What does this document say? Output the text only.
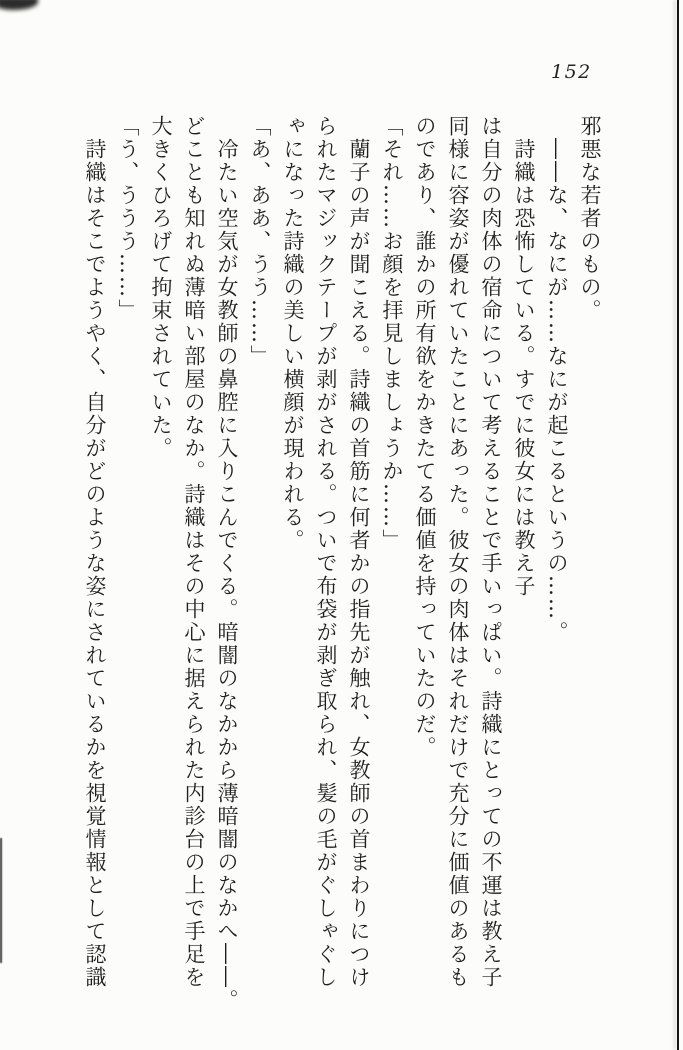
152
邪悪な若者のもの。
――な、なにが……なにが起こるというの……。
詩織は恐怖している。すでに彼女には教え子
は自分の肉体の宿命について考えることで手いっぱい。詩織にとっての不運は教え子
同様に容姿が優れていたことにあった。彼女の肉体はそれだけで充分に価値のあるも
のであり、誰かの所有欲をかきたてる価値を持っていたのだ。
「それ……お顔を拝見しましょうか……」
蘭子の声が聞こえる。詩織の首筋に何者かの指先が触れ、女教師の首まわりにつけ
られたマジックテープが剥がされる。ついで布袋が剥ぎ取られ、髪の毛がぐしゃぐし
ゃになった詩織の美しい横顔が現われる。
「あ、ああ、うう……」
冷たい空気が女教師の鼻腔に入りこんでくる。暗闇のなかから薄暗闇のなかへ――。
どことも知れぬ薄暗い部屋のなか。詩織はその中心に据えられた内診台の上で手足を
大きくひろげて拘束されていた。
「う、ううう……」
詩織はそこでようやく、自分がどのような姿にされているかを視覚情報として認識
